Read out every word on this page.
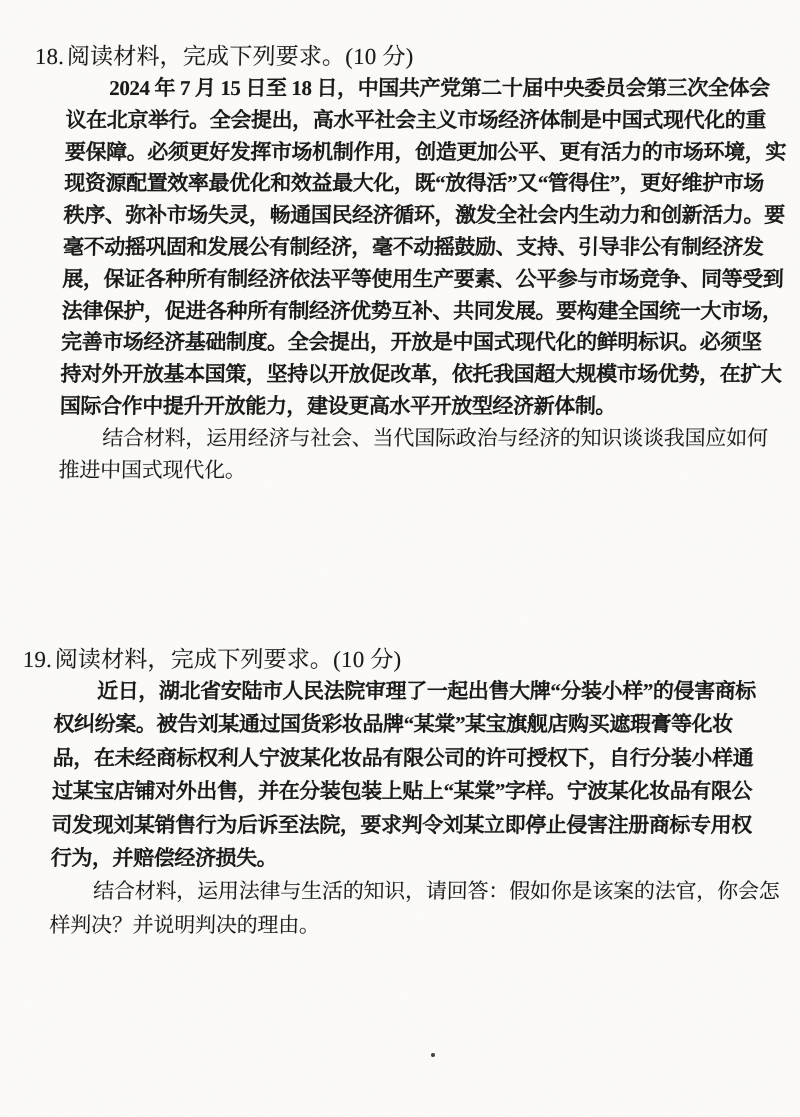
18.阅读材料，完成下列要求。(10 分)
2024 年 7 月 15 日至 18 日，中国共产党第二十届中央委员会第三次全体会
议在北京举行。全会提出，高水平社会主义市场经济体制是中国式现代化的重
要保障。必须更好发挥市场机制作用，创造更加公平、更有活力的市场环境，实
现资源配置效率最优化和效益最大化，既“放得活”又“管得住”，更好维护市场
秩序、弥补市场失灵，畅通国民经济循环，激发全社会内生动力和创新活力。要
毫不动摇巩固和发展公有制经济，毫不动摇鼓励、支持、引导非公有制经济发
展，保证各种所有制经济依法平等使用生产要素、公平参与市场竞争、同等受到
法律保护，促进各种所有制经济优势互补、共同发展。要构建全国统一大市场，
完善市场经济基础制度。全会提出，开放是中国式现代化的鲜明标识。必须坚
持对外开放基本国策，坚持以开放促改革，依托我国超大规模市场优势，在扩大
国际合作中提升开放能力，建设更高水平开放型经济新体制。
结合材料，运用经济与社会、当代国际政治与经济的知识谈谈我国应如何
推进中国式现代化。
19.阅读材料，完成下列要求。(10 分)
近日，湖北省安陆市人民法院审理了一起出售大牌“分装小样”的侵害商标
权纠纷案。被告刘某通过国货彩妆品牌“某棠”某宝旗舰店购买遮瑕膏等化妆
品，在未经商标权利人宁波某化妆品有限公司的许可授权下，自行分装小样通
过某宝店铺对外出售，并在分装包装上贴上“某棠”字样。宁波某化妆品有限公
司发现刘某销售行为后诉至法院，要求判令刘某立即停止侵害注册商标专用权
行为，并赔偿经济损失。
结合材料，运用法律与生活的知识，请回答：假如你是该案的法官，你会怎
样判决？并说明判决的理由。
